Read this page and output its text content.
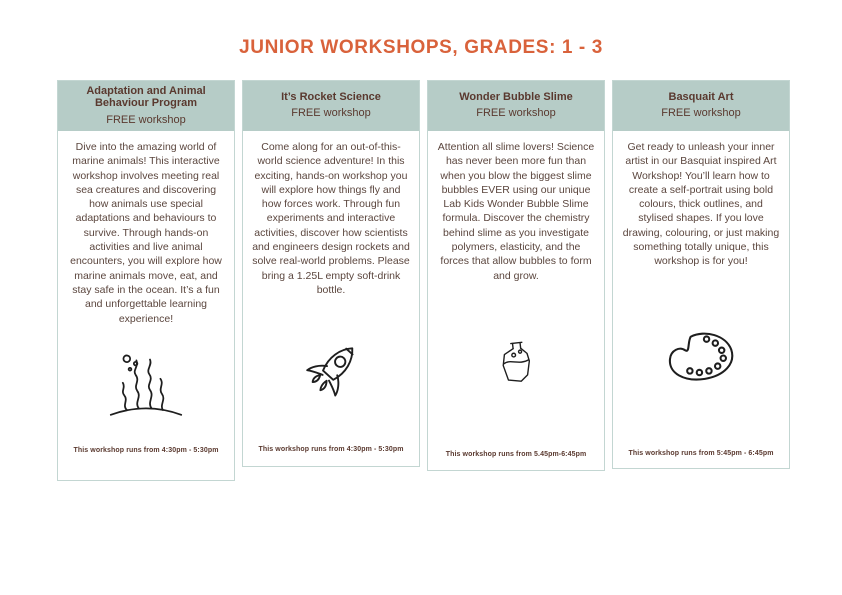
JUNIOR WORKSHOPS, GRADES: 1 - 3
Adaptation and Animal Behaviour Program
FREE workshop
Dive into the amazing world of marine animals! This interactive workshop involves meeting real sea creatures and discovering how animals use special adaptations and behaviours to survive. Through hands-on activities and live animal encounters, you will explore how marine animals move, eat, and stay safe in the ocean. It’s a fun and unforgettable learning experience!
This workshop runs from 4:30pm - 5:30pm
It’s Rocket Science
FREE workshop
Come along for an out-of-this-world science adventure! In this exciting, hands-on workshop you will explore how things fly and how forces work. Through fun experiments and interactive activities, discover how scientists and engineers design rockets and solve real-world problems. Please bring a 1.25L empty soft-drink bottle.
This workshop runs from 4:30pm - 5:30pm
Wonder Bubble Slime
FREE workshop
Attention all slime lovers! Science has never been more fun than when you blow the biggest slime bubbles EVER using our unique Lab Kids Wonder Bubble Slime formula. Discover the chemistry behind slime as you investigate polymers, elasticity, and the forces that allow bubbles to form and grow.
This workshop runs from 5.45pm-6:45pm
Basquait Art
FREE workshop
Get ready to unleash your inner artist in our Basquiat inspired Art Workshop! You’ll learn how to create a self-portrait using bold colours, thick outlines, and stylised shapes. If you love drawing, colouring, or just making something totally unique, this workshop is for you!
This workshop runs from 5:45pm - 6:45pm
